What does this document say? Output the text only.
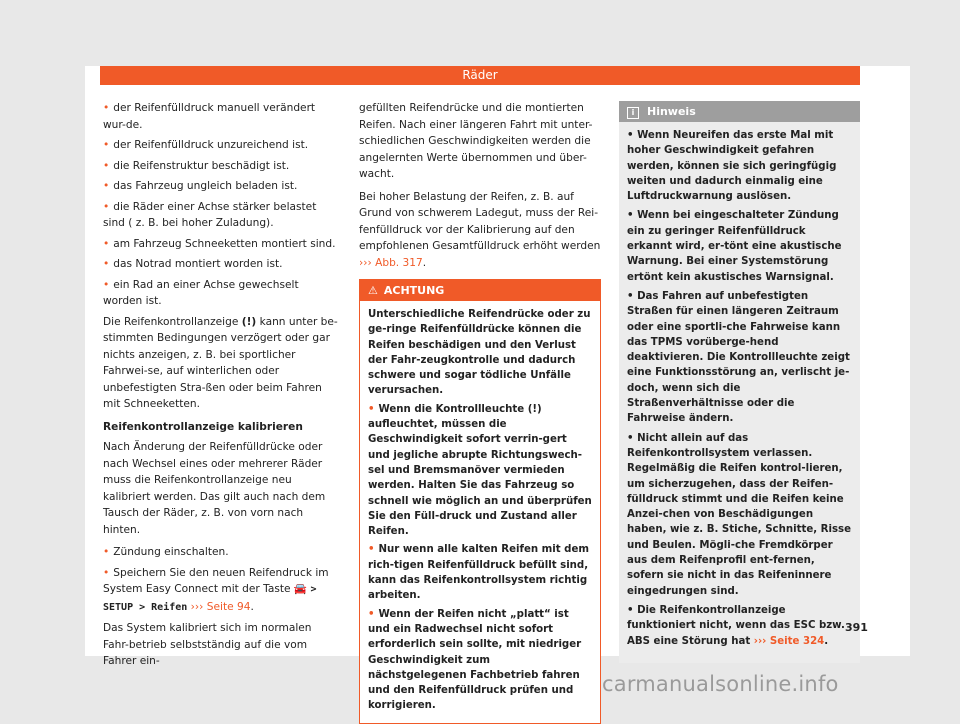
Räder
• der Reifenfülldruck manuell verändert wur-de.
• der Reifenfülldruck unzureichend ist.
• die Reifenstruktur beschädigt ist.
• das Fahrzeug ungleich beladen ist.
• die Räder einer Achse stärker belastet sind ( z. B. bei hoher Zuladung).
• am Fahrzeug Schneeketten montiert sind.
• das Notrad montiert worden ist.
• ein Rad an einer Achse gewechselt worden ist.

Die Reifenkontrollanzeige (!) kann unter be-stimmten Bedingungen verzögert oder gar nichts anzeigen, z. B. bei sportlicher Fahrwei-se, auf winterlichen oder unbefestigten Stra-ßen oder beim Fahren mit Schneeketten.

Reifenkontrollanzeige kalibrieren

Nach Änderung der Reifenfülldrücke oder nach Wechsel eines oder mehrerer Räder muss die Reifenkontrollanzeige neu kalibriert werden. Das gilt auch nach dem Tausch der Räder, z. B. von vorn nach hinten.

• Zündung einschalten.
• Speichern Sie den neuen Reifendruck im System Easy Connect mit der Taste 🚘 > SETUP > Reifen ››› Seite 94.

Das System kalibriert sich im normalen Fahr-betrieb selbstständig auf die vom Fahrer ein-

gefüllten Reifendrücke und die montierten Reifen. Nach einer längeren Fahrt mit unter-schiedlichen Geschwindigkeiten werden die angelernten Werte übernommen und über-wacht.

Bei hoher Belastung der Reifen, z. B. auf Grund von schwerem Ladegut, muss der Rei-fenfülldruck vor der Kalibrierung auf den empfohlenen Gesamtfülldruck erhöht werden ››› Abb. 317.

⚠ ACHTUNG

Unterschiedliche Reifendrücke oder zu ge-ringe Reifenfülldrücke können die Reifen beschädigen und den Verlust der Fahr-zeugkontrolle und dadurch schwere und sogar tödliche Unfälle verursachen.

• Wenn die Kontrollleuchte (!) aufleuchtet, müssen die Geschwindigkeit sofort verrin-gert und jegliche abrupte Richtungswech-sel und Bremsmanöver vermieden werden. Halten Sie das Fahrzeug so schnell wie möglich an und überprüfen Sie den Füll-druck und Zustand aller Reifen.

• Nur wenn alle kalten Reifen mit dem rich-tigen Reifenfülldruck befüllt sind, kann das Reifenkontrollsystem richtig arbeiten.

• Wenn der Reifen nicht „platt“ ist und ein Radwechsel nicht sofort erforderlich sein sollte, mit niedriger Geschwindigkeit zum nächstgelegenen Fachbetrieb fahren und den Reifenfülldruck prüfen und korrigieren.

i Hinweis

• Wenn Neureifen das erste Mal mit hoher Geschwindigkeit gefahren werden, können sie sich geringfügig weiten und dadurch einmalig eine Luftdruckwarnung auslösen.

• Wenn bei eingeschalteter Zündung ein zu geringer Reifenfülldruck erkannt wird, er-tönt eine akustische Warnung. Bei einer Systemstörung ertönt kein akustisches Warnsignal.

• Das Fahren auf unbefestigten Straßen für einen längeren Zeitraum oder eine sportli-che Fahrweise kann das TPMS vorüberge-hend deaktivieren. Die Kontrollleuchte zeigt eine Funktionsstörung an, verlischt je-doch, wenn sich die Straßenverhältnisse oder die Fahrweise ändern.

• Nicht allein auf das Reifenkontrollsystem verlassen. Regelmäßig die Reifen kontrol-lieren, um sicherzugehen, dass der Reifen-fülldruck stimmt und die Reifen keine Anzei-chen von Beschädigungen haben, wie z. B. Stiche, Schnitte, Risse und Beulen. Mögli-che Fremdkörper aus dem Reifenprofil ent-fernen, sofern sie nicht in das Reifeninnere eingedrungen sind.

• Die Reifenkontrollanzeige funktioniert nicht, wenn das ESC bzw. ABS eine Störung hat ››› Seite 324.

391
carmanualsonline.info
